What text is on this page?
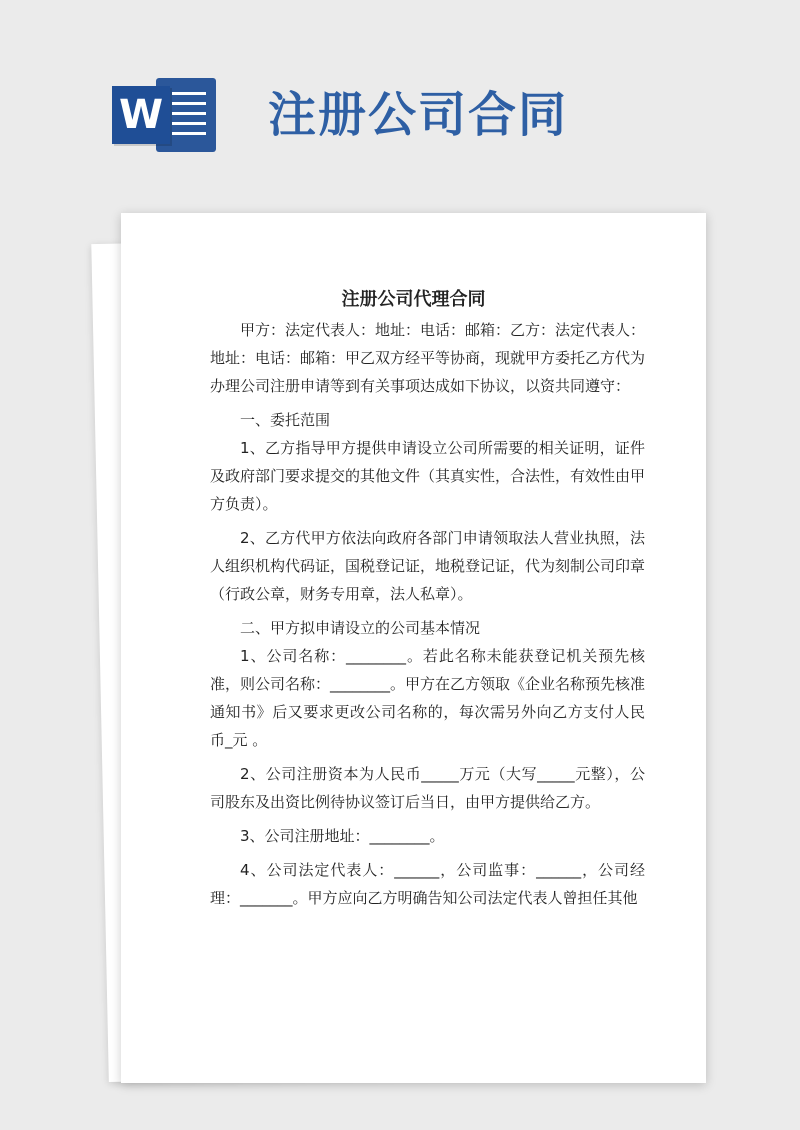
W 注册公司合同
注册公司代理合同

甲方：法定代表人：地址：电话：邮箱：乙方：法定代表人：地址：电话：邮箱：甲乙双方经平等协商，现就甲方委托乙方代为办理公司注册申请等到有关事项达成如下协议，以资共同遵守：

一、委托范围

1、乙方指导甲方提供申请设立公司所需要的相关证明，证件及政府部门要求提交的其他文件（其真实性，合法性，有效性由甲方负责）。

2、乙方代甲方依法向政府各部门申请领取法人营业执照，法人组织机构代码证，国税登记证，地税登记证，代为刻制公司印章（行政公章，财务专用章，法人私章）。

二、甲方拟申请设立的公司基本情况

1、公司名称：________。若此名称未能获登记机关预先核准，则公司名称：________。甲方在乙方领取《企业名称预先核准通知书》后又要求更改公司名称的，每次需另外向乙方支付人民 币_元 。

2、公司注册资本为人民币_____万元（大写_____元整），公司股东及出资比例待协议签订后当日，由甲方提供给乙方。

3、公司注册地址：________。

4、公司法定代表人：______，公司监事：______，公司经理：_______。甲方应向乙方明确告知公司法定代表人曾担任其他
